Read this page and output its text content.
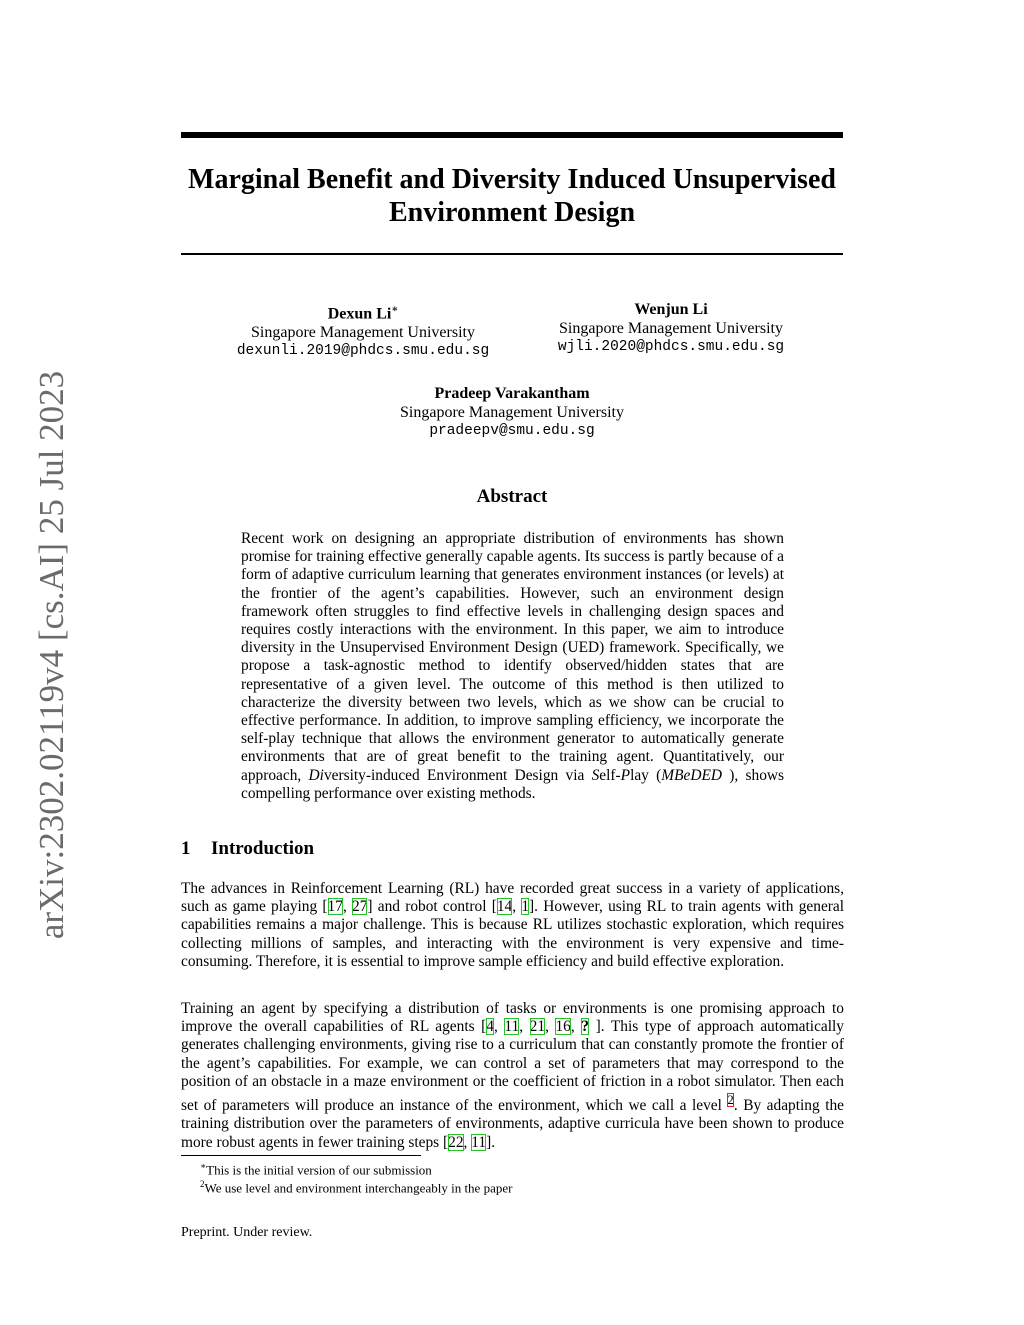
arXiv:2302.02119v4 [cs.AI] 25 Jul 2023
Marginal Benefit and Diversity Induced Unsupervised
Environment Design
Dexun Li∗
Singapore Management University
dexunli.2019@phdcs.smu.edu.sg
Wenjun Li
Singapore Management University
wjli.2020@phdcs.smu.edu.sg
Pradeep Varakantham
Singapore Management University
pradeepv@smu.edu.sg
Abstract

Recent work on designing an appropriate distribution of environments has shown promise for training effective generally capable agents. Its success is partly because of a form of adaptive curriculum learning that generates environment instances (or levels) at the frontier of the agent’s capabilities. However, such an environment design framework often struggles to find effective levels in challenging design spaces and requires costly interactions with the environment. In this paper, we aim to introduce diversity in the Unsupervised Environment Design (UED) framework. Specifically, we propose a task-agnostic method to identify observed/hidden states that are representative of a given level. The outcome of this method is then utilized to characterize the diversity between two levels, which as we show can be crucial to effective performance. In addition, to improve sampling efficiency, we incorporate the self-play technique that allows the environment generator to automatically generate environments that are of great benefit to the training agent. Quantitatively, our approach, Diversity-induced Environment Design via Self-Play (MBeDED ), shows compelling performance over existing methods.

1 Introduction

The advances in Reinforcement Learning (RL) have recorded great success in a variety of applications, such as game playing [17, 27] and robot control [14, 1]. However, using RL to train agents with general capabilities remains a major challenge. This is because RL utilizes stochastic exploration, which requires collecting millions of samples, and interacting with the environment is very expensive and time-consuming. Therefore, it is essential to improve sample efficiency and build effective exploration.

Training an agent by specifying a distribution of tasks or environments is one promising approach to improve the overall capabilities of RL agents [4, 11, 21, 16, ? ]. This type of approach automatically generates challenging environments, giving rise to a curriculum that can constantly promote the frontier of the agent’s capabilities. For example, we can control a set of parameters that may correspond to the position of an obstacle in a maze environment or the coefficient of friction in a robot simulator. Then each set of parameters will produce an instance of the environment, which we call a level $^2$. By adapting the training distribution over the parameters of environments, adaptive curricula have been shown to produce more robust agents in fewer training steps [22, 11].

∗This is the initial version of our submission

$^2$We use level and environment interchangeably in the paper

Preprint. Under review.
